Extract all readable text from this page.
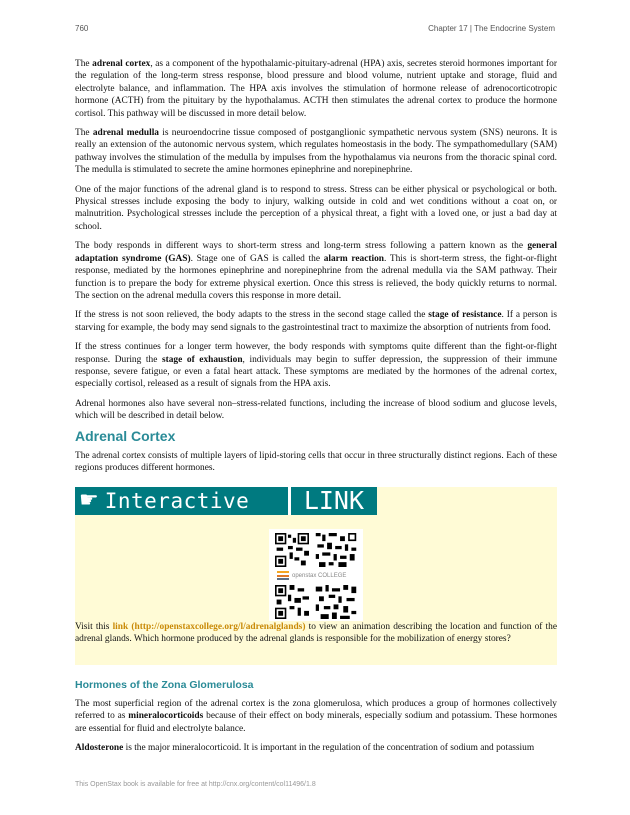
760	Chapter 17 | The Endocrine System

The adrenal cortex, as a component of the hypothalamic-pituitary-adrenal (HPA) axis, secretes steroid hormones important for the regulation of the long-term stress response, blood pressure and blood volume, nutrient uptake and storage, fluid and electrolyte balance, and inflammation. The HPA axis involves the stimulation of hormone release of adrenocorticotropic hormone (ACTH) from the pituitary by the hypothalamus. ACTH then stimulates the adrenal cortex to produce the hormone cortisol. This pathway will be discussed in more detail below.

The adrenal medulla is neuroendocrine tissue composed of postganglionic sympathetic nervous system (SNS) neurons. It is really an extension of the autonomic nervous system, which regulates homeostasis in the body. The sympathomedullary (SAM) pathway involves the stimulation of the medulla by impulses from the hypothalamus via neurons from the thoracic spinal cord. The medulla is stimulated to secrete the amine hormones epinephrine and norepinephrine.

One of the major functions of the adrenal gland is to respond to stress. Stress can be either physical or psychological or both. Physical stresses include exposing the body to injury, walking outside in cold and wet conditions without a coat on, or malnutrition. Psychological stresses include the perception of a physical threat, a fight with a loved one, or just a bad day at school.

The body responds in different ways to short-term stress and long-term stress following a pattern known as the general adaptation syndrome (GAS). Stage one of GAS is called the alarm reaction. This is short-term stress, the fight-or-flight response, mediated by the hormones epinephrine and norepinephrine from the adrenal medulla via the SAM pathway. Their function is to prepare the body for extreme physical exertion. Once this stress is relieved, the body quickly returns to normal. The section on the adrenal medulla covers this response in more detail.

If the stress is not soon relieved, the body adapts to the stress in the second stage called the stage of resistance. If a person is starving for example, the body may send signals to the gastrointestinal tract to maximize the absorption of nutrients from food.

If the stress continues for a longer term however, the body responds with symptoms quite different than the fight-or-flight response. During the stage of exhaustion, individuals may begin to suffer depression, the suppression of their immune response, severe fatigue, or even a fatal heart attack. These symptoms are mediated by the hormones of the adrenal cortex, especially cortisol, released as a result of signals from the HPA axis.

Adrenal hormones also have several non–stress-related functions, including the increase of blood sodium and glucose levels, which will be described in detail below.

Adrenal Cortex

The adrenal cortex consists of multiple layers of lipid-storing cells that occur in three structurally distinct regions. Each of these regions produces different hormones.

☛ Interactive	LINK
openstax COLLEGE

Visit this link (http://openstaxcollege.org/l/adrenalglands) to view an animation describing the location and function of the adrenal glands. Which hormone produced by the adrenal glands is responsible for the mobilization of energy stores?

Hormones of the Zona Glomerulosa

The most superficial region of the adrenal cortex is the zona glomerulosa, which produces a group of hormones collectively referred to as mineralocorticoids because of their effect on body minerals, especially sodium and potassium. These hormones are essential for fluid and electrolyte balance.

Aldosterone is the major mineralocorticoid. It is important in the regulation of the concentration of sodium and potassium

This OpenStax book is available for free at http://cnx.org/content/col11496/1.8
